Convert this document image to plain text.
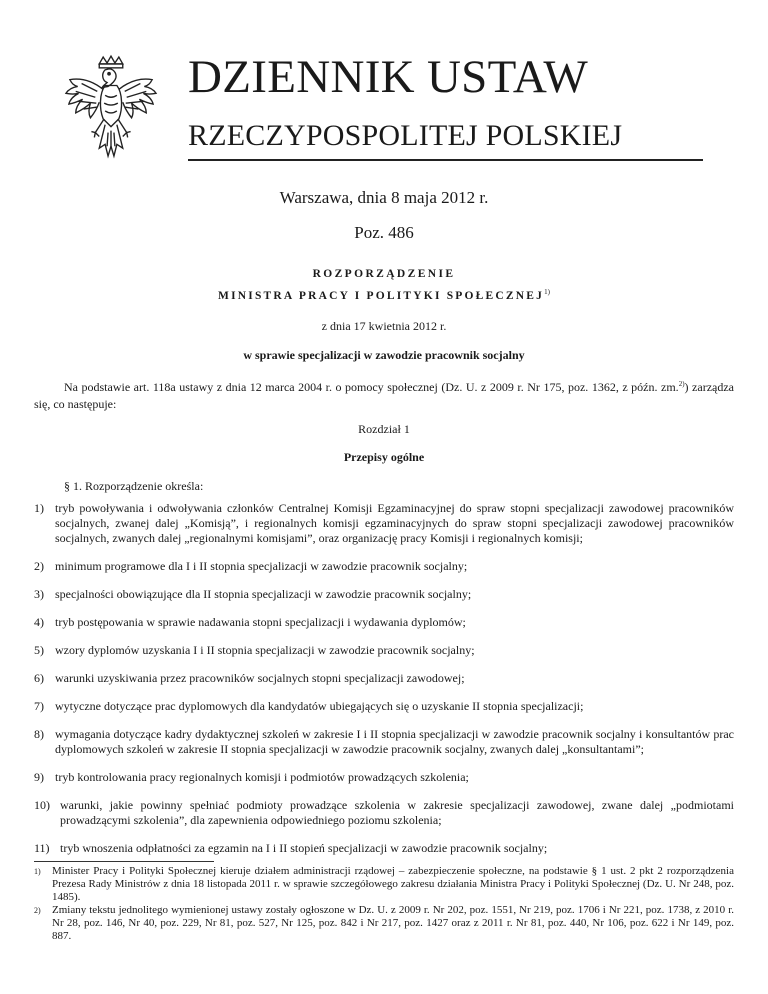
DZIENNIK USTAW
RZECZYPOSPOLITEJ POLSKIEJ
Warszawa, dnia 8 maja 2012 r.
Poz. 486
ROZPORZĄDZENIE
MINISTRA PRACY I POLITYKI SPOŁECZNEJ$^{1)}$
z dnia 17 kwietnia 2012 r.
w sprawie specjalizacji w zawodzie pracownik socjalny
Na podstawie art. 118a ustawy z dnia 12 marca 2004 r. o pomocy społecznej (Dz. U. z 2009 r. Nr 175, poz. 1362, z późn. zm.$^{2)}$) zarządza się, co następuje:
Rozdział 1
Przepisy ogólne
§ 1. Rozporządzenie określa:
1) tryb powoływania i odwoływania członków Centralnej Komisji Egzaminacyjnej do spraw stopni specjalizacji zawodowej pracowników socjalnych, zwanej dalej „Komisją”, i regionalnych komisji egzaminacyjnych do spraw stopni specjalizacji zawodowej pracowników socjalnych, zwanych dalej „regionalnymi komisjami”, oraz organizację pracy Komisji i regionalnych komisji;
2) minimum programowe dla I i II stopnia specjalizacji w zawodzie pracownik socjalny;
3) specjalności obowiązujące dla II stopnia specjalizacji w zawodzie pracownik socjalny;
4) tryb postępowania w sprawie nadawania stopni specjalizacji i wydawania dyplomów;
5) wzory dyplomów uzyskania I i II stopnia specjalizacji w zawodzie pracownik socjalny;
6) warunki uzyskiwania przez pracowników socjalnych stopni specjalizacji zawodowej;
7) wytyczne dotyczące prac dyplomowych dla kandydatów ubiegających się o uzyskanie II stopnia specjalizacji;
8) wymagania dotyczące kadry dydaktycznej szkoleń w zakresie I i II stopnia specjalizacji w zawodzie pracownik socjalny i konsultantów prac dyplomowych szkoleń w zakresie II stopnia specjalizacji w zawodzie pracownik socjalny, zwanych dalej „konsultantami”;
9) tryb kontrolowania pracy regionalnych komisji i podmiotów prowadzących szkolenia;
10) warunki, jakie powinny spełniać podmioty prowadzące szkolenia w zakresie specjalizacji zawodowej, zwane dalej „podmiotami prowadzącymi szkolenia”, dla zapewnienia odpowiedniego poziomu szkolenia;
11) tryb wnoszenia odpłatności za egzamin na I i II stopień specjalizacji w zawodzie pracownik socjalny;
1) Minister Pracy i Polityki Społecznej kieruje działem administracji rządowej – zabezpieczenie społeczne, na podstawie § 1 ust. 2 pkt 2 rozporządzenia Prezesa Rady Ministrów z dnia 18 listopada 2011 r. w sprawie szczegółowego zakresu działania Ministra Pracy i Polityki Społecznej (Dz. U. Nr 248, poz. 1485).
2) Zmiany tekstu jednolitego wymienionej ustawy zostały ogłoszone w Dz. U. z 2009 r. Nr 202, poz. 1551, Nr 219, poz. 1706 i Nr 221, poz. 1738, z 2010 r. Nr 28, poz. 146, Nr 40, poz. 229, Nr 81, poz. 527, Nr 125, poz. 842 i Nr 217, poz. 1427 oraz z 2011 r. Nr 81, poz. 440, Nr 106, poz. 622 i Nr 149, poz. 887.
